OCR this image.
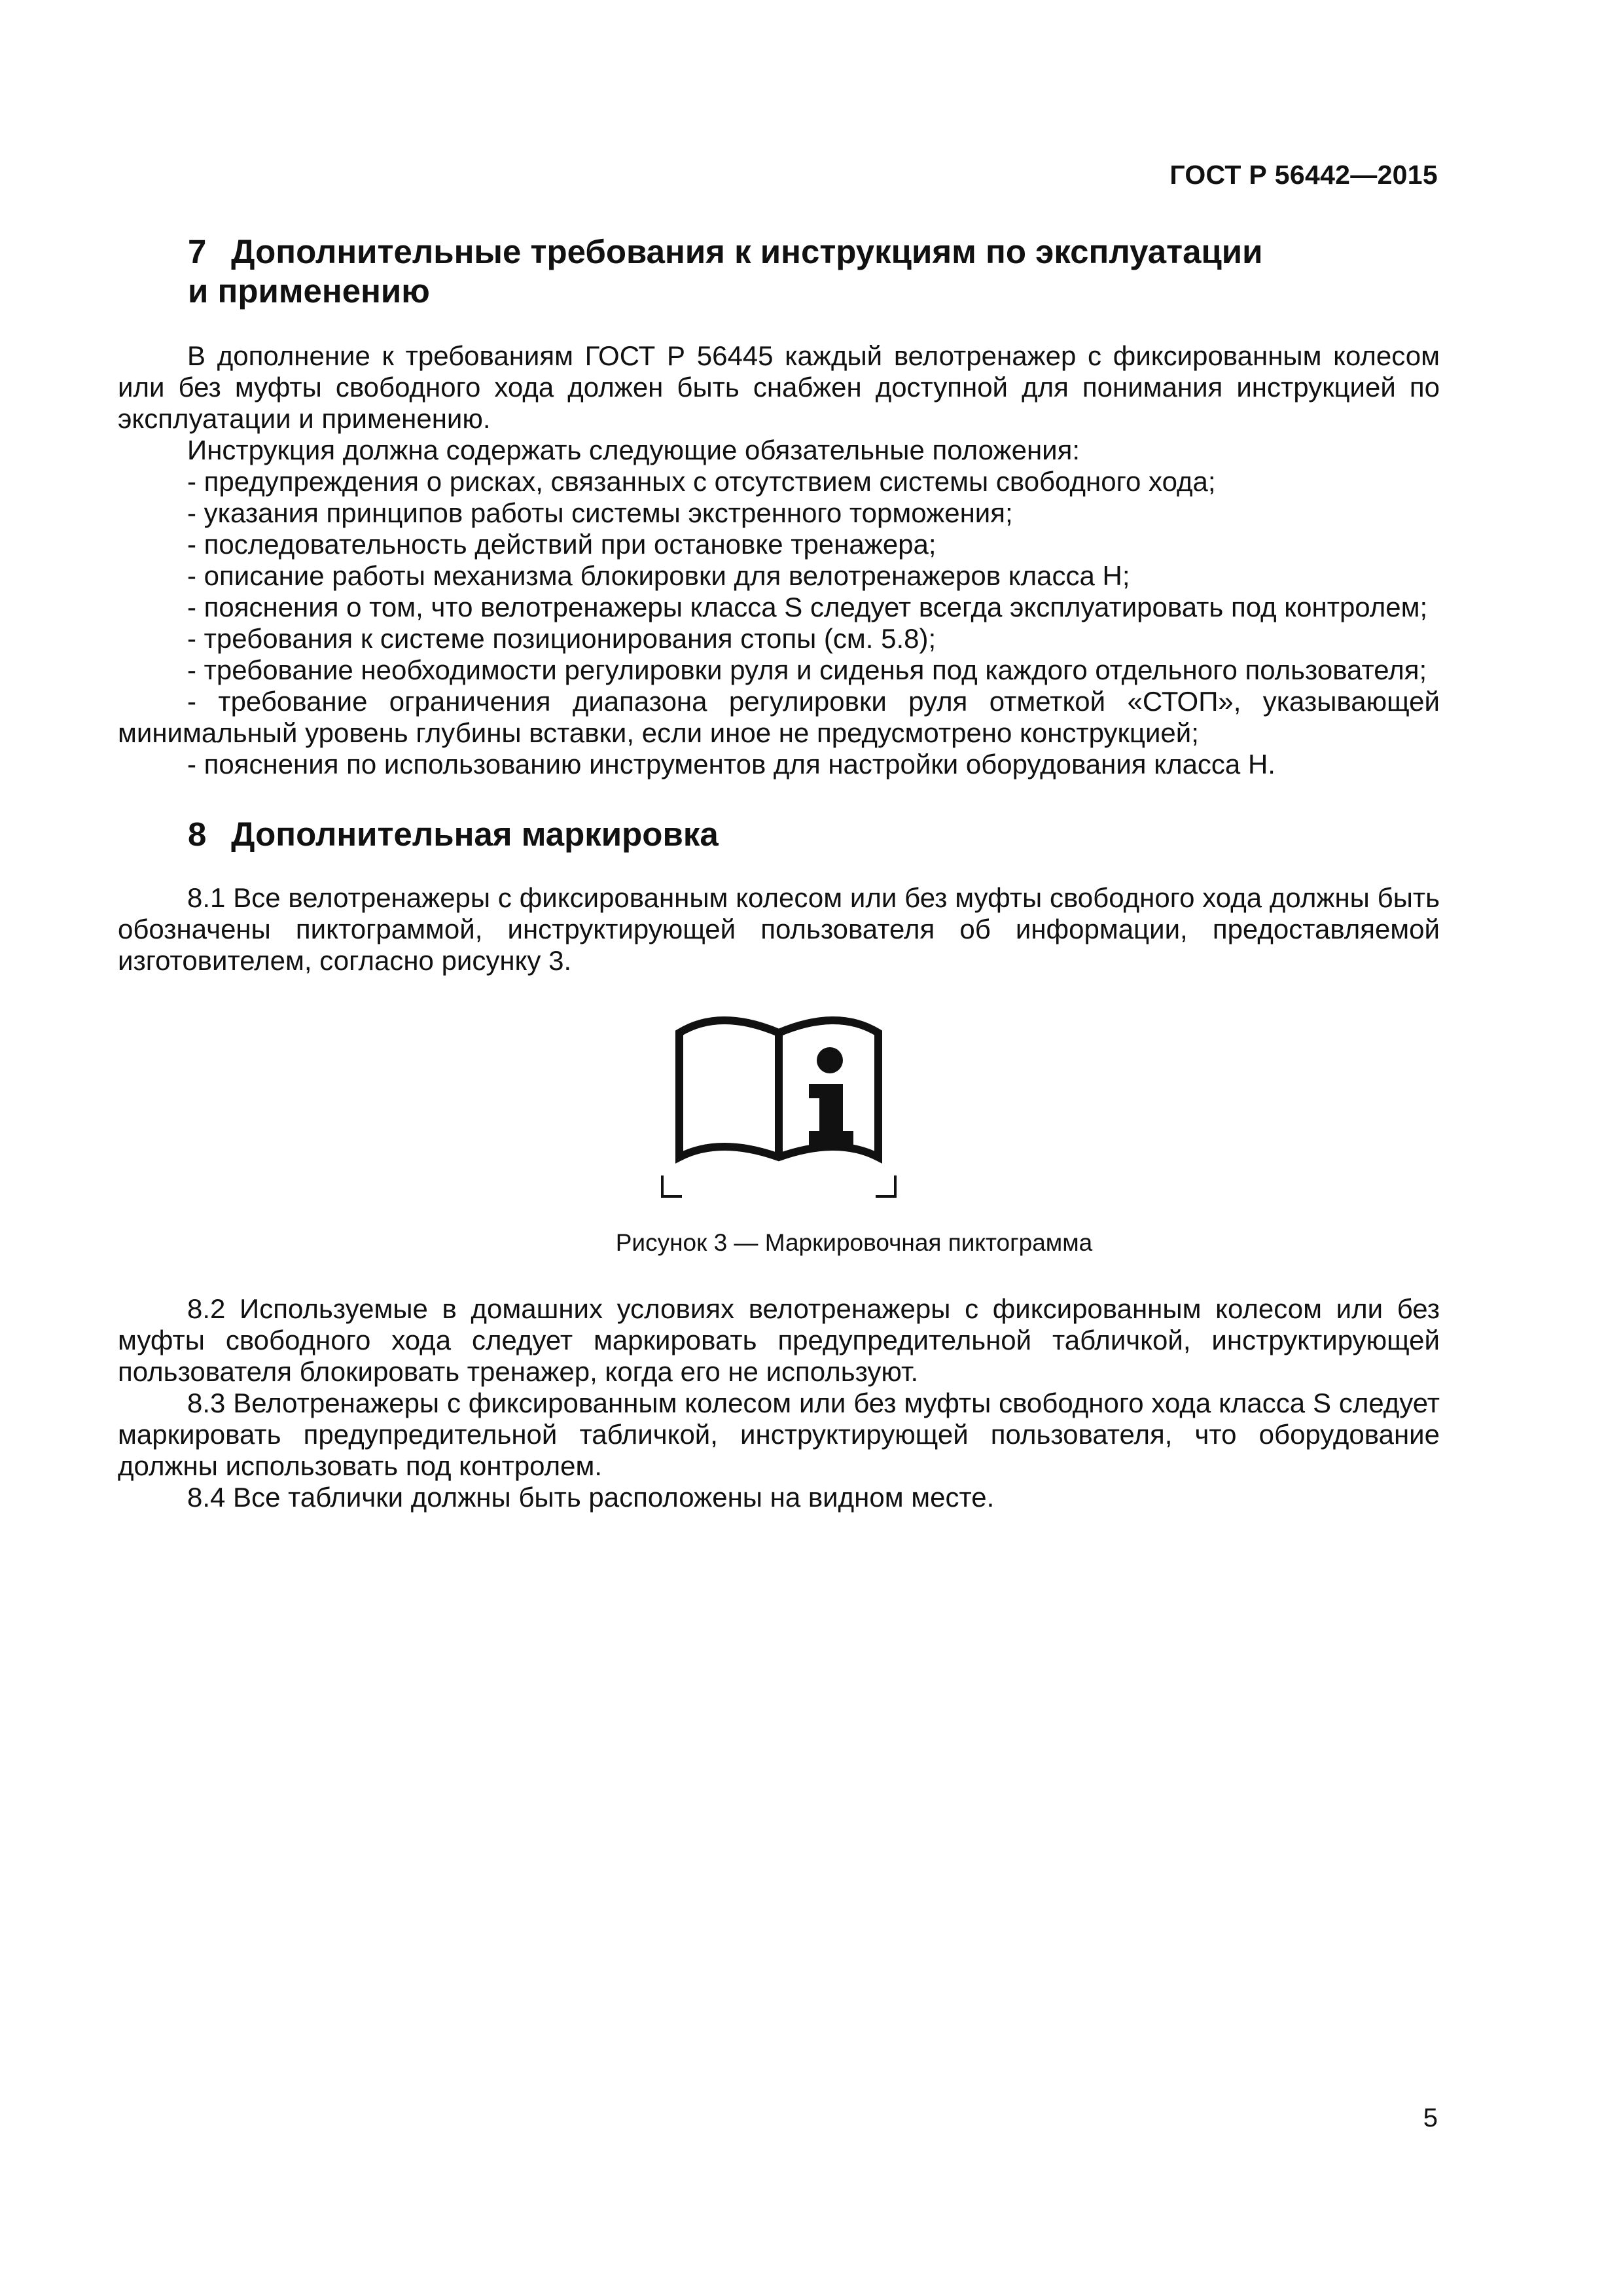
ГОСТ Р 56442—2015
7 Дополнительные требования к инструкциям по эксплуатации
и применению

В дополнение к требованиям ГОСТ Р 56445 каждый велотренажер с фиксированным колесом или без муфты свободного хода должен быть снабжен доступной для понимания инструкцией по эксплуатации и применению.

Инструкция должна содержать следующие обязательные положения:

- предупреждения о рисках, связанных с отсутствием системы свободного хода;

- указания принципов работы системы экстренного торможения;

- последовательность действий при остановке тренажера;

- описание работы механизма блокировки для велотренажеров класса Н;

- пояснения о том, что велотренажеры класса S следует всегда эксплуатировать под контролем;

- требования к системе позиционирования стопы (см. 5.8);

- требование необходимости регулировки руля и сиденья под каждого отдельного пользователя;

- требование ограничения диапазона регулировки руля отметкой «СТОП», указывающей минимальный уровень глубины вставки, если иное не предусмотрено конструкцией;

- пояснения по использованию инструментов для настройки оборудования класса Н.

8 Дополнительная маркировка

8.1 Все велотренажеры с фиксированным колесом или без муфты свободного хода должны быть обозначены пиктограммой, инструктирующей пользователя об информации, предоставляемой изготовителем, согласно рисунку 3.

Рисунок 3 — Маркировочная пиктограмма

8.2 Используемые в домашних условиях велотренажеры с фиксированным колесом или без муфты свободного хода следует маркировать предупредительной табличкой, инструктирующей пользователя блокировать тренажер, когда его не используют.

8.3 Велотренажеры с фиксированным колесом или без муфты свободного хода класса S следует маркировать предупредительной табличкой, инструктирующей пользователя, что оборудование должны использовать под контролем.

8.4 Все таблички должны быть расположены на видном месте.

5
